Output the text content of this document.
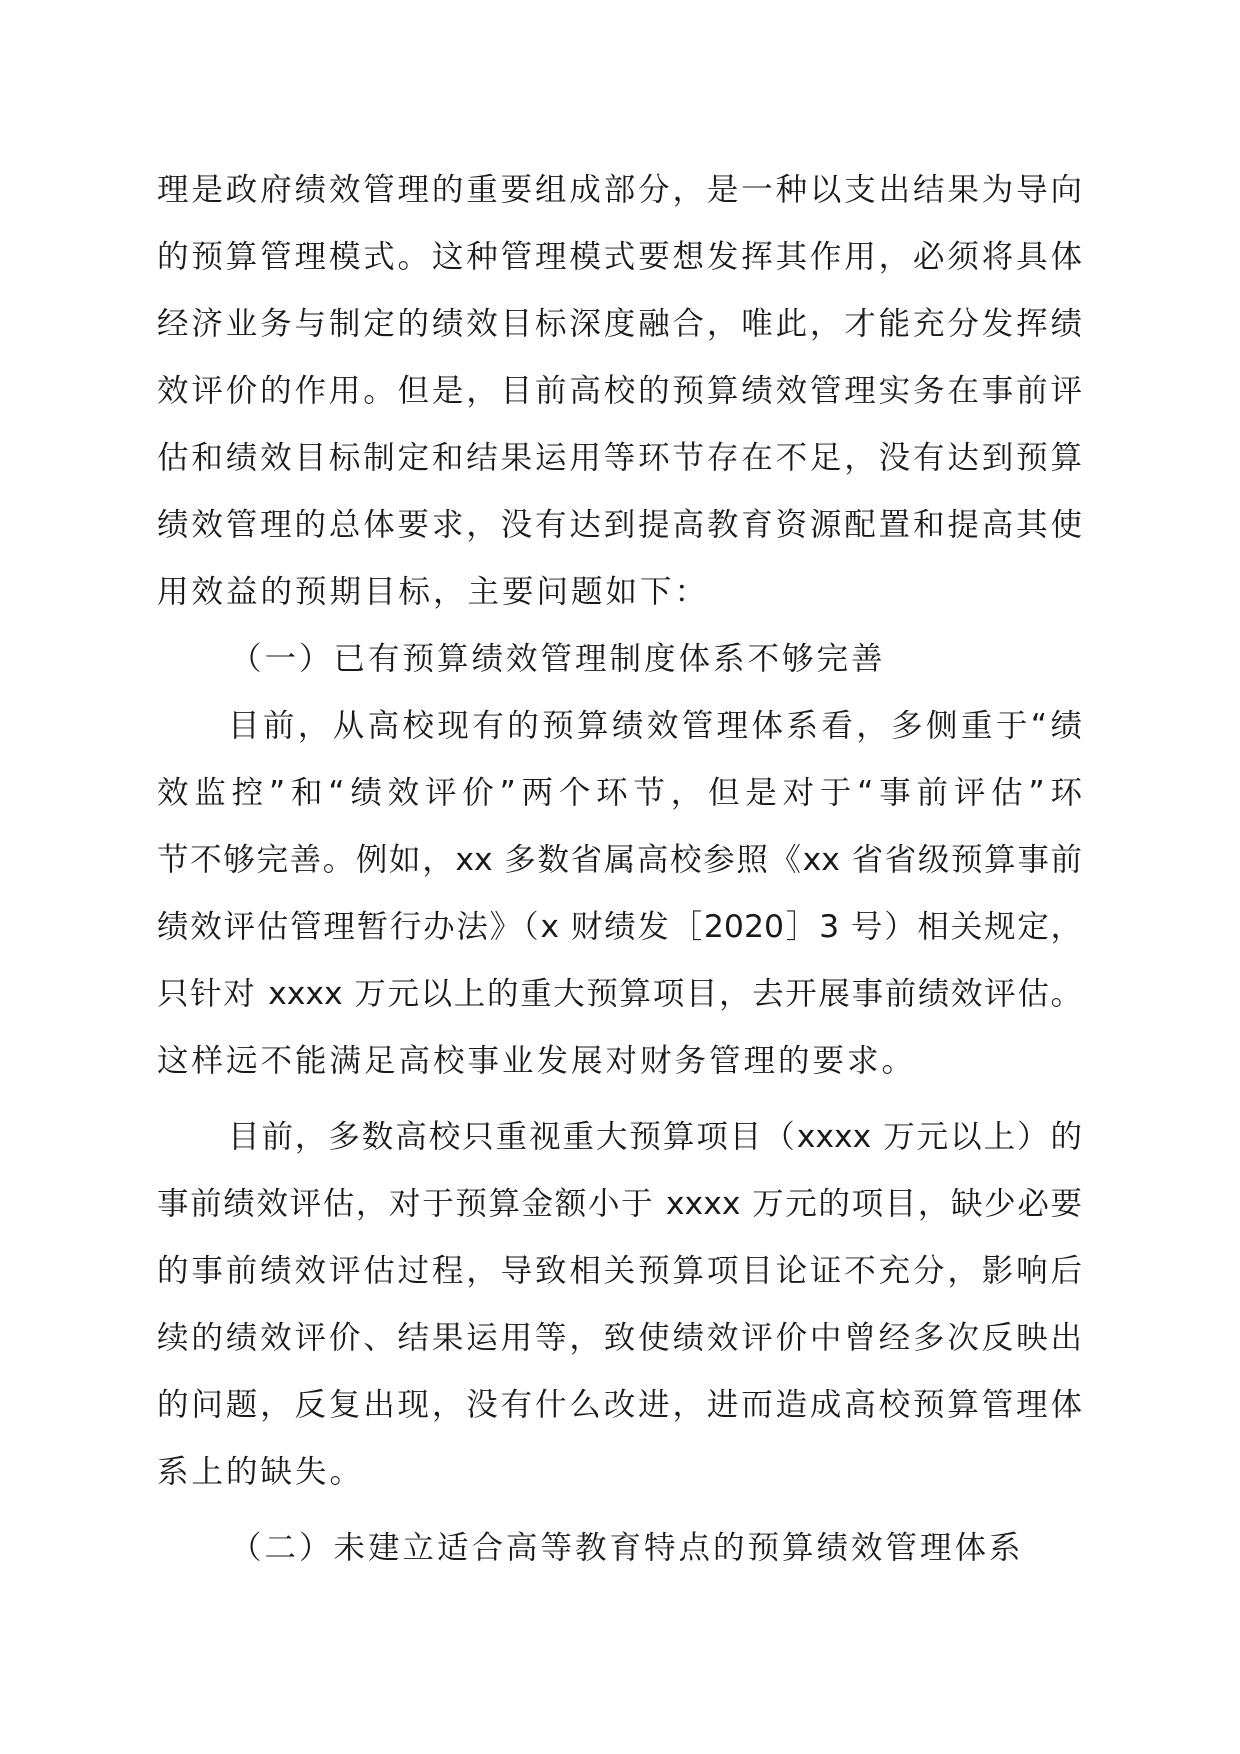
理是政府绩效管理的重要组成部分，是一种以支出结果为导向
的预算管理模式。这种管理模式要想发挥其作用，必须将具体
经济业务与制定的绩效目标深度融合，唯此，才能充分发挥绩
效评价的作用。但是，目前高校的预算绩效管理实务在事前评
估和绩效目标制定和结果运用等环节存在不足，没有达到预算
绩效管理的总体要求，没有达到提高教育资源配置和提高其使
用效益的预期目标，主要问题如下：
（一）已有预算绩效管理制度体系不够完善
目前，从高校现有的预算绩效管理体系看，多侧重于“绩
效监控”和“绩效评价”两个环节，但是对于“事前评估”环
节不够完善。例如，xx 多数省属高校参照《xx 省省级预算事前
绩效评估管理暂行办法》（x 财绩发［2020］3 号）相关规定，
只针对 xxxx 万元以上的重大预算项目，去开展事前绩效评估。
这样远不能满足高校事业发展对财务管理的要求。
目前，多数高校只重视重大预算项目（xxxx 万元以上）的
事前绩效评估，对于预算金额小于 xxxx 万元的项目，缺少必要
的事前绩效评估过程，导致相关预算项目论证不充分，影响后
续的绩效评价、结果运用等，致使绩效评价中曾经多次反映出
的问题，反复出现，没有什么改进，进而造成高校预算管理体
系上的缺失。
（二）未建立适合高等教育特点的预算绩效管理体系
